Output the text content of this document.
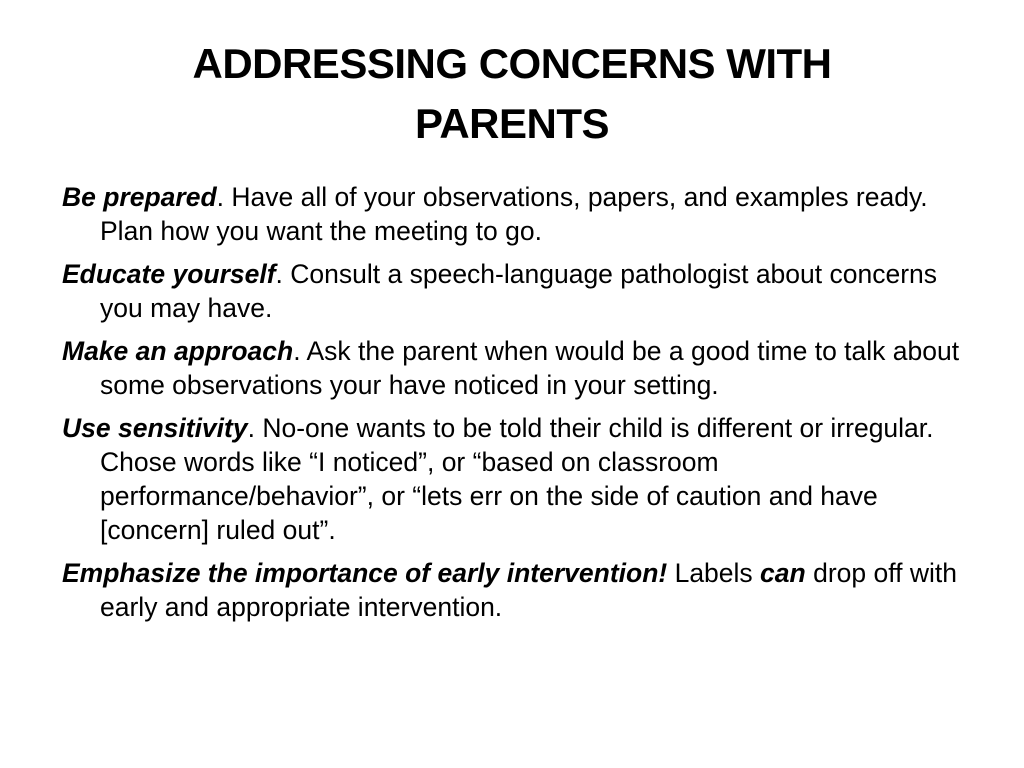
ADDRESSING CONCERNS WITH PARENTS
Be prepared. Have all of your observations, papers, and examples ready. Plan how you want the meeting to go.
Educate yourself. Consult a speech-language pathologist about concerns you may have.
Make an approach. Ask the parent when would be a good time to talk about some observations your have noticed in your setting.
Use sensitivity. No-one wants to be told their child is different or irregular. Chose words like “I noticed”, or “based on classroom performance/behavior”, or “lets err on the side of caution and have [concern] ruled out”.
Emphasize the importance of early intervention! Labels can drop off with early and appropriate intervention.
